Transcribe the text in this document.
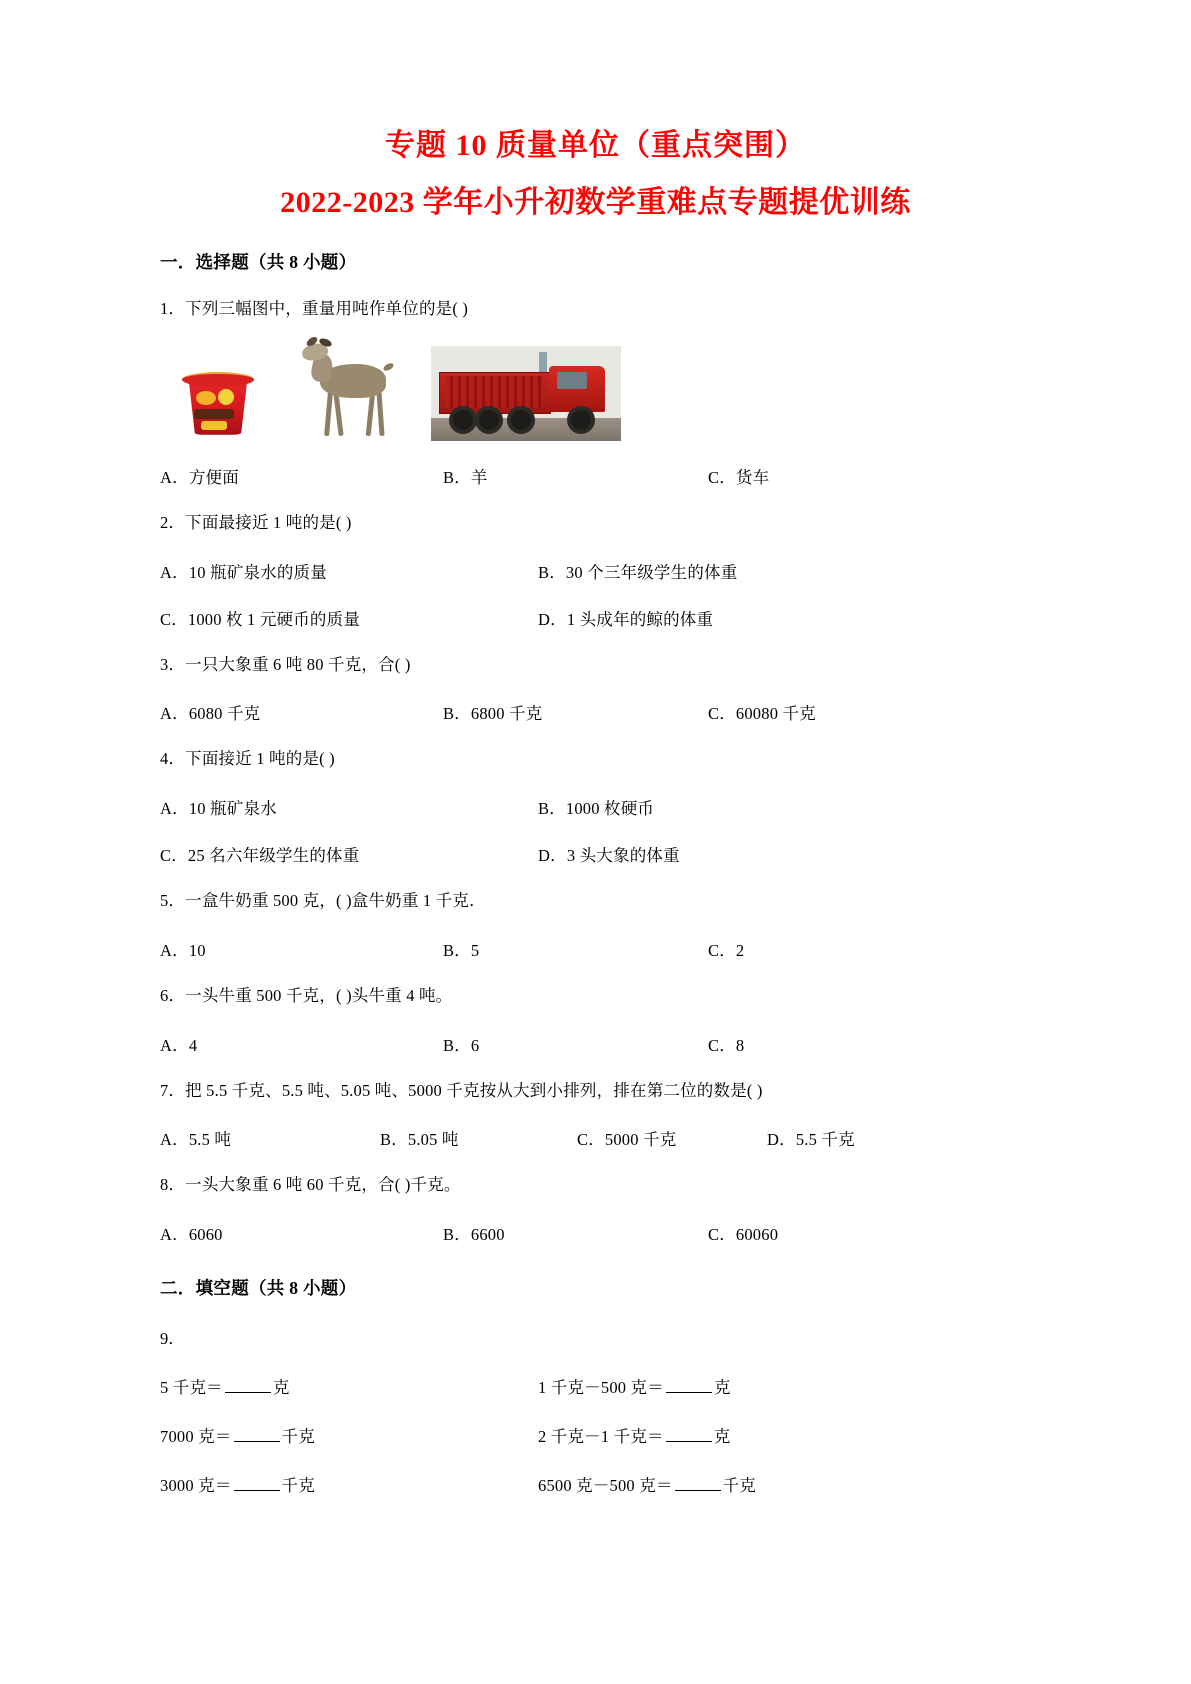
专题 10 质量单位（重点突围）
2022-2023 学年小升初数学重难点专题提优训练
一．选择题（共 8 小题）
1．下列三幅图中，重量用吨作单位的是( )
A．方便面	B．羊	C．货车
2．下面最接近 1 吨的是( )
A．10 瓶矿泉水的质量	B．30 个三年级学生的体重
C．1000 枚 1 元硬币的质量	D．1 头成年的鲸的体重
3．一只大象重 6 吨 80 千克，合( )
A．6080 千克	B．6800 千克	C．60080 千克
4．下面接近 1 吨的是( )
A．10 瓶矿泉水	B．1000 枚硬币
C．25 名六年级学生的体重	D．3 头大象的体重
5．一盒牛奶重 500 克，( )盒牛奶重 1 千克．
A．10	B．5	C．2
6．一头牛重 500 千克，( )头牛重 4 吨。
A．4	B．6	C．8
7．把 5.5 千克、5.5 吨、5.05 吨、5000 千克按从大到小排列，排在第二位的数是( )
A．5.5 吨	B．5.05 吨	C．5000 千克	D．5.5 千克
8．一头大象重 6 吨 60 千克，合( )千克。
A．6060	B．6600	C．60060
二．填空题（共 8 小题）
9．
5 千克＝	克	1 千克－500 克＝	克
7000 克＝	千克	2 千克－1 千克＝	克
3000 克＝	千克	6500 克－500 克＝	千克
